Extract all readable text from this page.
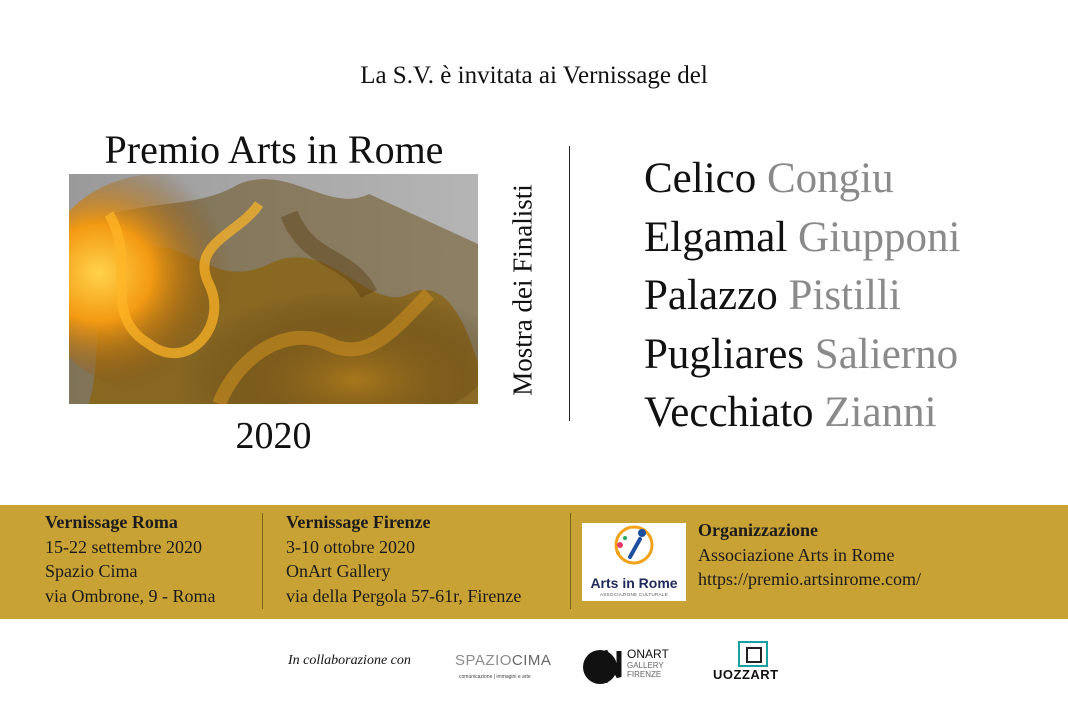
La S.V. è invitata ai Vernissage del
Premio Arts in Rome
2020
Mostra dei Finalisti
Celico Congiu
Elgamal Giupponi
Palazzo Pistilli
Pugliares Salierno
Vecchiato Zianni
Vernissage Roma
15-22 settembre 2020
Spazio Cima
via Ombrone, 9 - Roma
Vernissage Firenze
3-10 ottobre 2020
OnArt Gallery
via della Pergola 57-61r, Firenze
Arts in Rome
ASSOCIAZIONE CULTURALE
Organizzazione
Associazione Arts in Rome
https://premio.artsinrome.com/
In collaborazione con	SPAZIOCIMA
comunicazione | immagini e arte
ONART
GALLERY
FIRENZE	UOZZART
